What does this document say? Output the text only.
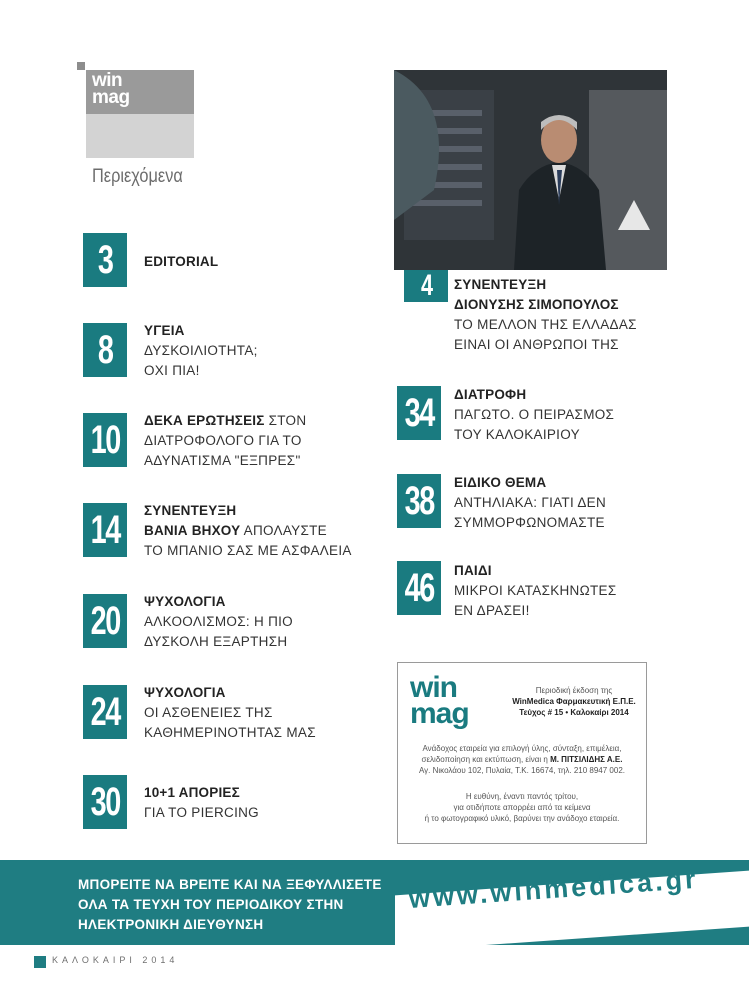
win
mag
Περιεχόμενα
3	EDITORIAL
8	ΥΓΕΙΑ
ΔΥΣΚΟΙΛΙΟΤΗΤΑ;
ΟΧΙ ΠΙΑ!
10	ΔΕΚΑ ΕΡΩΤΗΣΕΙΣ ΣΤΟΝ
ΔΙΑΤΡΟΦΟΛΟΓΟ ΓΙΑ ΤΟ
ΑΔΥΝΑΤΙΣΜΑ "ΕΞΠΡΕΣ"
14	ΣΥΝΕΝΤΕΥΞΗ
ΒΑΝΙΑ ΒΗΧΟΥ ΑΠΟΛΑΥΣΤΕ
ΤΟ ΜΠΑΝΙΟ ΣΑΣ ΜΕ ΑΣΦΑΛΕΙΑ
20	ΨΥΧΟΛΟΓΙΑ
ΑΛΚΟΟΛΙΣΜΟΣ: Η ΠΙΟ
ΔΥΣΚΟΛΗ ΕΞΑΡΤΗΣΗ
24	ΨΥΧΟΛΟΓΙΑ
ΟΙ ΑΣΘΕΝΕΙΕΣ ΤΗΣ
ΚΑΘΗΜΕΡΙΝΟΤΗΤΑΣ ΜΑΣ
30	10+1 ΑΠΟΡΙΕΣ
ΓΙΑ ΤΟ PIERCING
4	ΣΥΝΕΝΤΕΥΞΗ
ΔΙΟΝΥΣΗΣ ΣΙΜΟΠΟΥΛΟΣ
ΤΟ ΜΕΛΛΟΝ ΤΗΣ ΕΛΛΑΔΑΣ
ΕΙΝΑΙ ΟΙ ΑΝΘΡΩΠΟΙ ΤΗΣ
34	ΔΙΑΤΡΟΦΗ
ΠΑΓΩΤΟ. Ο ΠΕΙΡΑΣΜΟΣ
ΤΟΥ ΚΑΛΟΚΑΙΡΙΟΥ
38	ΕΙΔΙΚΟ ΘΕΜΑ
ΑΝΤΗΛΙΑΚΑ: ΓΙΑΤΙ ΔΕΝ
ΣΥΜΜΟΡΦΩΝΟΜΑΣΤΕ
46	ΠΑΙΔΙ
ΜΙΚΡΟΙ ΚΑΤΑΣΚΗΝΩΤΕΣ
ΕΝ ΔΡΑΣΕΙ!
win
mag
Περιοδική έκδοση της
WinMedica Φαρμακευτική Ε.Π.Ε.
Τεύχος # 15 • Καλοκαίρι 2014
Ανάδοχος εταιρεία για επιλογή ύλης, σύνταξη, επιμέλεια,
σελιδοποίηση και εκτύπωση, είναι η Μ. ΠΙΤΣΙΛΙΔΗΣ Α.Ε.
Αγ. Νικολάου 102, Πυλαία, Τ.Κ. 16674, τηλ. 210 8947 002.
Η ευθύνη, έναντι παντός τρίτου,
για οτιδήποτε απορρέει από τα κείμενα
ή το φωτογραφικό υλικό, βαρύνει την ανάδοχο εταιρεία.
ΜΠΟΡΕΙΤΕ ΝΑ ΒΡΕΙΤΕ ΚΑΙ ΝΑ ΞΕΦΥΛΛΙΣΕΤΕ
ΟΛΑ ΤΑ ΤΕΥΧΗ ΤΟΥ ΠΕΡΙΟΔΙΚΟΥ ΣΤΗΝ
ΗΛΕΚΤΡΟΝΙΚΗ ΔΙΕΥΘΥΝΣΗ
www.winmedica.gr
ΚΑΛΟΚΑΙΡΙ 2014
